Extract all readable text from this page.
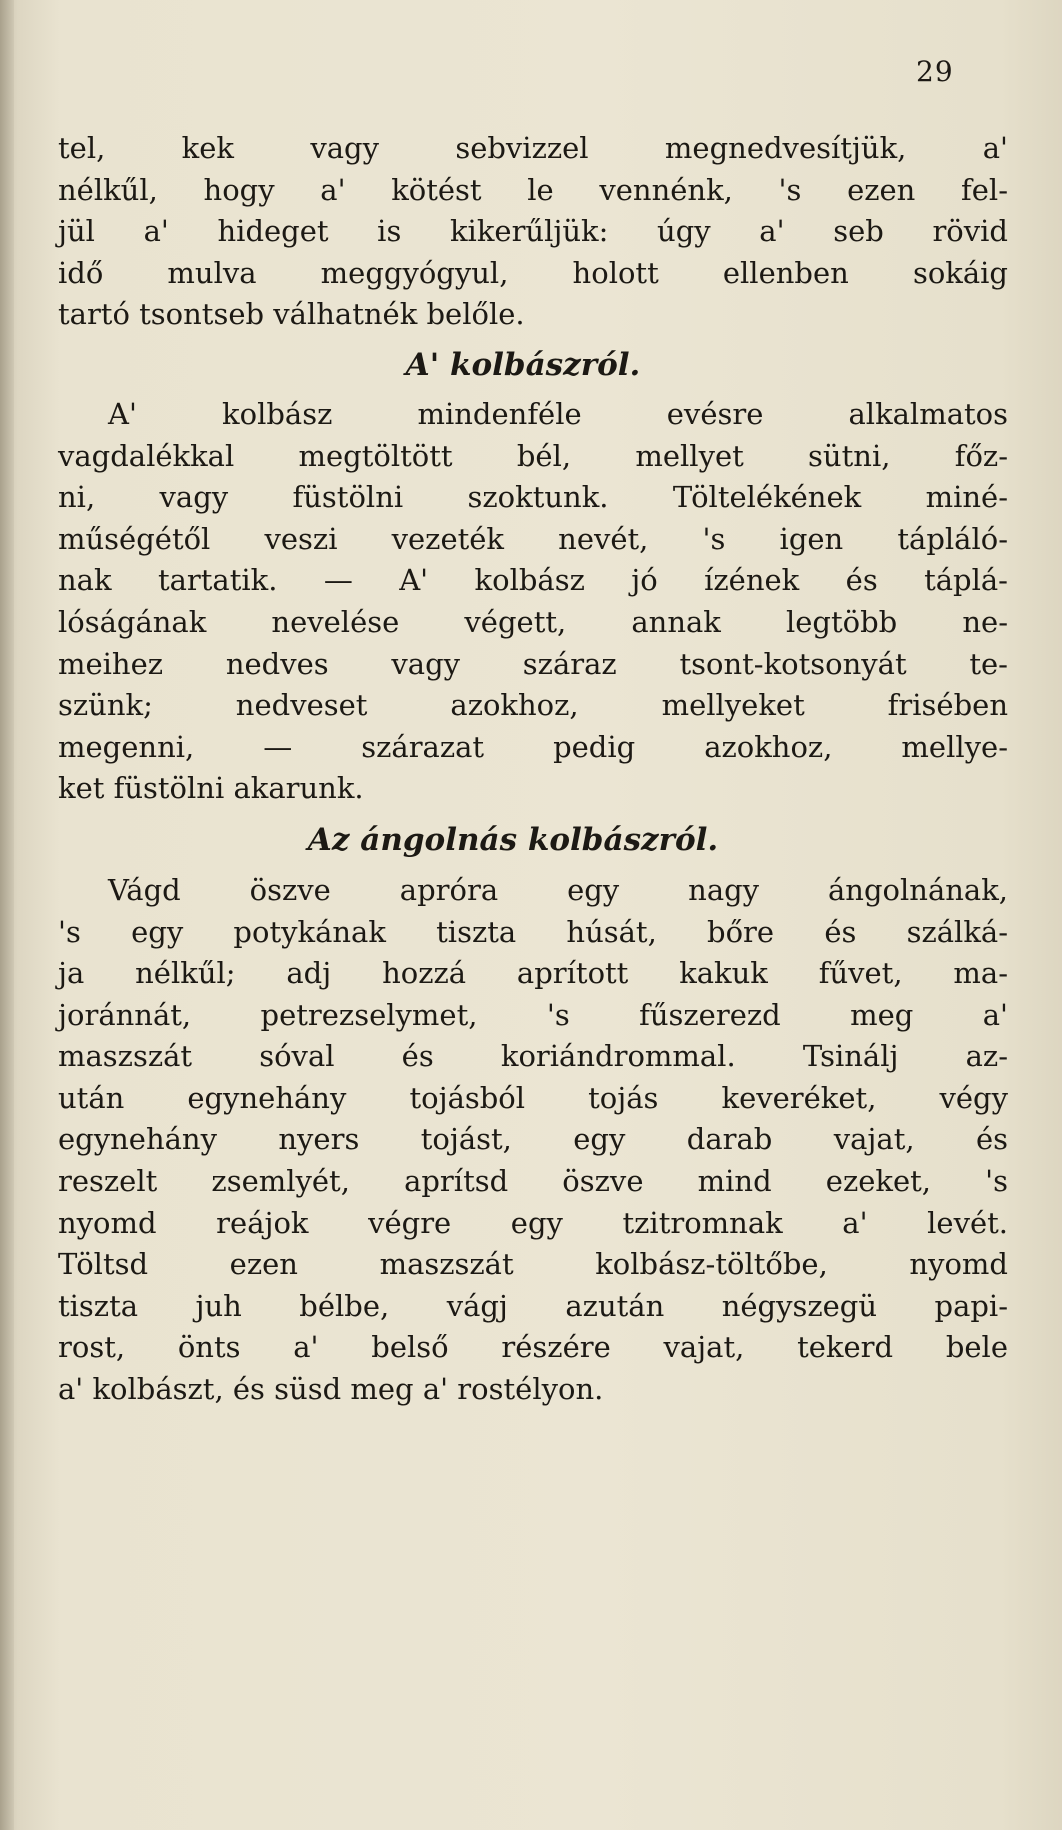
29
tel, kek vagy sebvizzel megnedvesítjük, a'
nélkűl, hogy a' kötést le vennénk, 's ezen fel-
jül a' hideget is kikerűljük: úgy a' seb rövid
idő mulva meggyógyul, holott ellenben sokáig
tartó tsontseb válhatnék belőle.
A' kolbászról.
A' kolbász mindenféle evésre alkalmatos
vagdalékkal megtöltött bél, mellyet sütni, főz-
ni, vagy füstölni szoktunk. Töltelékének miné-
műségétől veszi vezeték nevét, 's igen tápláló-
nak tartatik. — A' kolbász jó ízének és táplá-
lóságának nevelése végett, annak legtöbb ne-
meihez nedves vagy száraz tsont-kotsonyát te-
szünk; nedveset azokhoz, mellyeket frisében
megenni, — szárazat pedig azokhoz, mellye-
ket füstölni akarunk.
Az ángolnás kolbászról.
Vágd öszve apróra egy nagy ángolnának,
's egy potykának tiszta húsát, bőre és szálká-
ja nélkűl; adj hozzá aprított kakuk fűvet, ma-
joránnát, petrezselymet, 's fűszerezd meg a'
maszszát sóval és koriándrommal. Tsinálj az-
után egynehány tojásból tojás keveréket, végy
egynehány nyers tojást, egy darab vajat, és
reszelt zsemlyét, aprítsd öszve mind ezeket, 's
nyomd reájok végre egy tzitromnak a' levét.
Töltsd ezen maszszát kolbász-töltőbe, nyomd
tiszta juh bélbe, vágj azután négyszegü papi-
rost, önts a' belső részére vajat, tekerd bele
a' kolbászt, és süsd meg a' rostélyon.
